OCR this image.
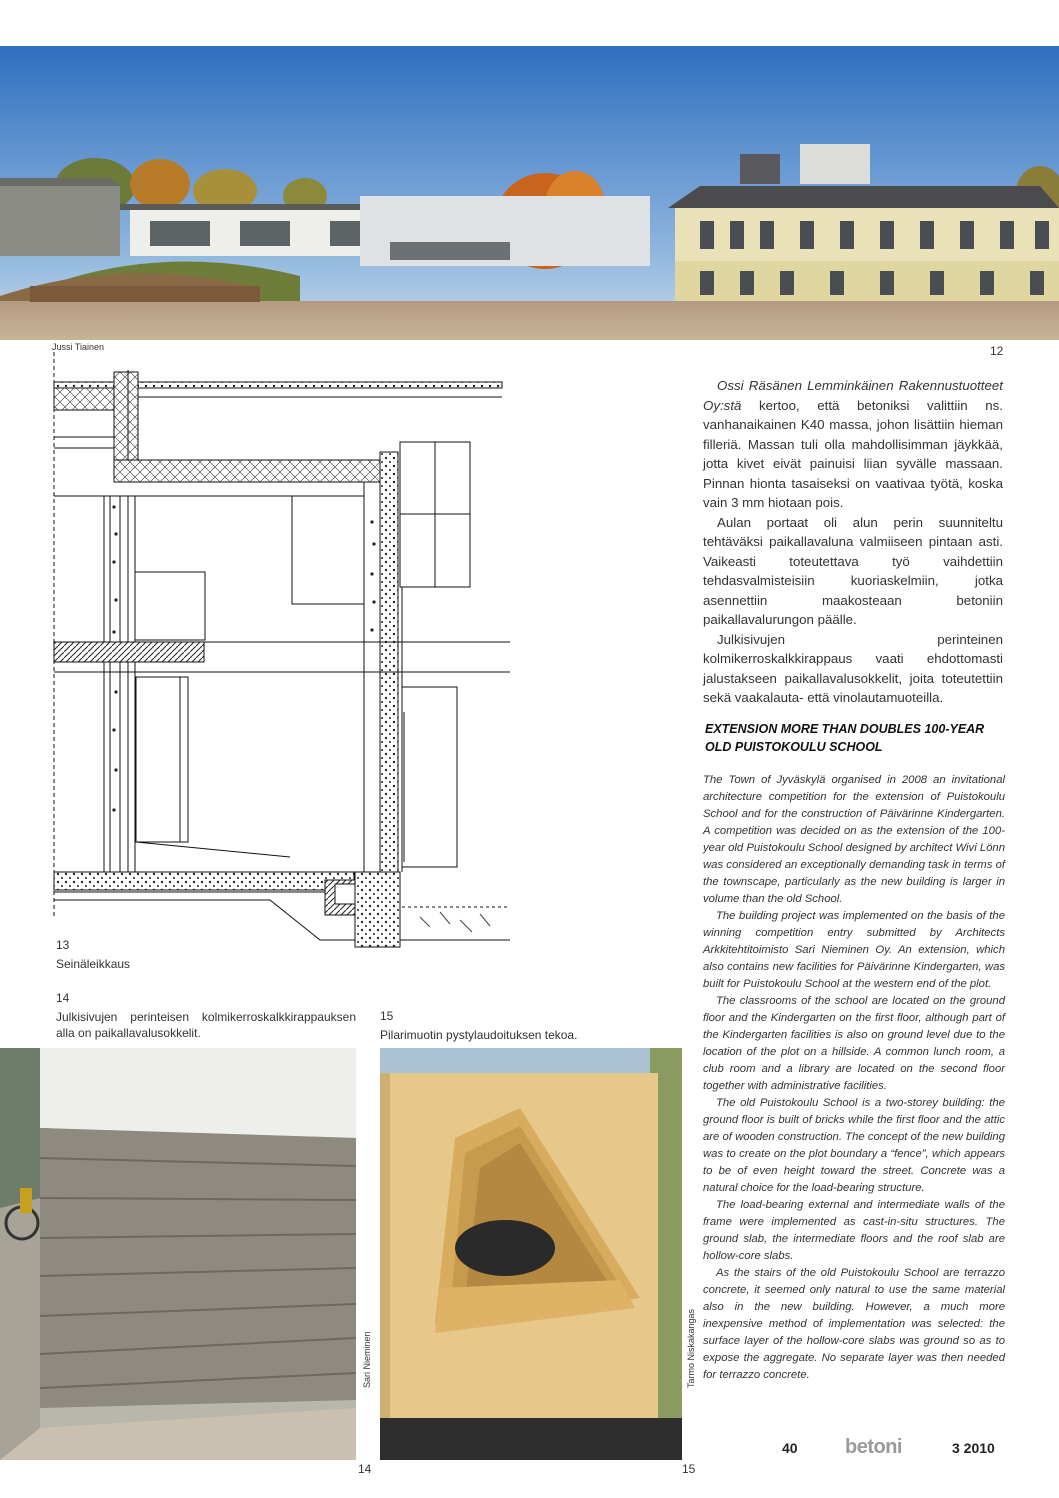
Jussi Tiainen	12
13
Seinäleikkaus
14
Julkisivujen perinteisen kolmikerroskalkkirappauksen alla on paikallavalusokkelit.
Sari Nieminen
14
15
Pilarimuotin pystylaudoituksen tekoa.
Tarmo Niskakangas
15

Ossi Räsänen Lemminkäinen Rakennustuotteet Oy:stä kertoo, että betoniksi valittiin ns. vanhanaikainen K40 massa, johon lisättiin hieman filleriä. Massan tuli olla mahdollisimman jäykkää, jotta kivet eivät painuisi liian syvälle massaan. Pinnan hionta tasaiseksi on vaativaa työtä, koska vain 3 mm hiotaan pois.

Aulan portaat oli alun perin suunniteltu tehtäväksi paikallavaluna valmiiseen pintaan asti. Vaikeasti toteutettava työ vaihdettiin tehdasvalmisteisiin kuoriaskelmiin, jotka asennettiin maakosteaan betoniin paikallavalurungon päälle.

Julkisivujen perinteinen kolmikerroskalkkirappaus vaati ehdottomasti jalustakseen paikallavalusokkelit, joita toteutettiin sekä vaakalauta- että vinolautamuoteilla.

EXTENSION MORE THAN DOUBLES 100-YEAR OLD PUISTOKOULU SCHOOL

The Town of Jyväskylä organised in 2008 an invitational architecture competition for the extension of Puistokoulu School and for the construction of Päivärinne Kindergarten. A competition was decided on as the extension of the 100-year old Puistokoulu School designed by architect Wivi Lönn was considered an exceptionally demanding task in terms of the townscape, particularly as the new building is larger in volume than the old School.

The building project was implemented on the basis of the winning competition entry submitted by Architects Arkkitehtitoimisto Sari Nieminen Oy. An extension, which also contains new facilities for Päivärinne Kindergarten, was built for Puistokoulu School at the western end of the plot.

The classrooms of the school are located on the ground floor and the Kindergarten on the first floor, although part of the Kindergarten facilities is also on ground level due to the location of the plot on a hillside. A common lunch room, a club room and a library are located on the second floor together with administrative facilities.

The old Puistokoulu School is a two-storey building: the ground floor is built of bricks while the first floor and the attic are of wooden construction. The concept of the new building was to create on the plot boundary a “fence”, which appears to be of even height toward the street. Concrete was a natural choice for the load-bearing structure.

The load-bearing external and intermediate walls of the frame were implemented as cast-in-situ structures. The ground slab, the intermediate floors and the roof slab are hollow-core slabs.

As the stairs of the old Puistokoulu School are terrazzo concrete, it seemed only natural to use the same material also in the new building. However, a much more inexpensive method of implementation was selected: the surface layer of the hollow-core slabs was ground so as to expose the aggregate. No separate layer was then needed for terrazzo concrete.

40 betoni	3 2010
